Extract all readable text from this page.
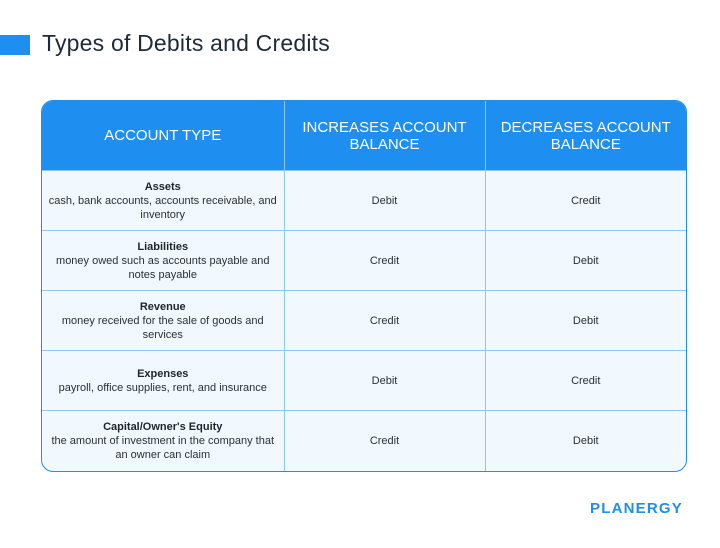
Types of Debits and Credits
ACCOUNT TYPE	INCREASES ACCOUNT BALANCE	DECREASES ACCOUNT BALANCE

Assets
cash, bank accounts, accounts receivable, and inventory	Debit	Credit

Liabilities
money owed such as accounts payable and notes payable	Credit	Debit

Revenue
money received for the sale of goods and services	Credit	Debit

Expenses
payroll, office supplies, rent, and insurance	Debit	Credit

Capital/Owner's Equity
the amount of investment in the company that an owner can claim	Credit	Debit
PLANERGY
